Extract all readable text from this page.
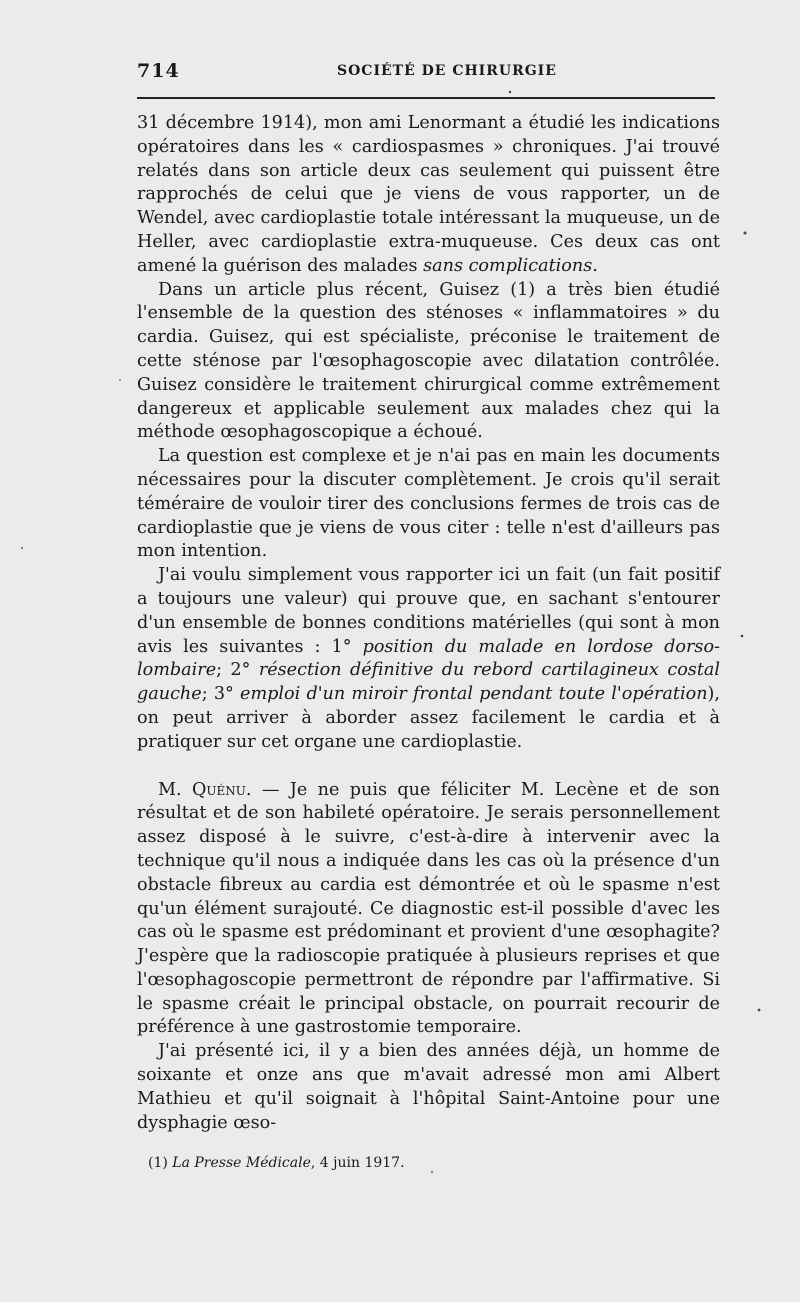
714	SOCIÉTÉ DE CHIRURGIE

31 décembre 1914), mon ami Lenormant a étudié les indications opératoires dans les « cardiospasmes » chroniques. J'ai trouvé relatés dans son article deux cas seulement qui puissent être rapprochés de celui que je viens de vous rapporter, un de Wendel, avec cardioplastie totale intéressant la muqueuse, un de Heller, avec cardioplastie extra-muqueuse. Ces deux cas ont amené la guérison des malades sans complications.

Dans un article plus récent, Guisez (1) a très bien étudié l'ensemble de la question des sténoses « inflammatoires » du cardia. Guisez, qui est spécialiste, préconise le traitement de cette sténose par l'œsophagoscopie avec dilatation contrôlée. Guisez considère le traitement chirurgical comme extrêmement dangereux et applicable seulement aux malades chez qui la méthode œsophagoscopique a échoué.

La question est complexe et je n'ai pas en main les documents nécessaires pour la discuter complètement. Je crois qu'il serait téméraire de vouloir tirer des conclusions fermes de trois cas de cardioplastie que je viens de vous citer : telle n'est d'ailleurs pas mon intention.

J'ai voulu simplement vous rapporter ici un fait (un fait positif a toujours une valeur) qui prouve que, en sachant s'entourer d'un ensemble de bonnes conditions matérielles (qui sont à mon avis les suivantes : 1° position du malade en lordose dorso-lombaire; 2° résection définitive du rebord cartilagineux costal gauche; 3° emploi d'un miroir frontal pendant toute l'opération), on peut arriver à aborder assez facilement le cardia et à pratiquer sur cet organe une cardioplastie.

M. Quénu. — Je ne puis que féliciter M. Lecène et de son résultat et de son habileté opératoire. Je serais personnellement assez disposé à le suivre, c'est-à-dire à intervenir avec la technique qu'il nous a indiquée dans les cas où la présence d'un obstacle fibreux au cardia est démontrée et où le spasme n'est qu'un élément surajouté. Ce diagnostic est-il possible d'avec les cas où le spasme est prédominant et provient d'une œsophagite? J'espère que la radioscopie pratiquée à plusieurs reprises et que l'œsophagoscopie permettront de répondre par l'affirmative. Si le spasme créait le principal obstacle, on pourrait recourir de préférence à une gastrostomie temporaire.

J'ai présenté ici, il y a bien des années déjà, un homme de soixante et onze ans que m'avait adressé mon ami Albert Mathieu et qu'il soignait à l'hôpital Saint-Antoine pour une dysphagie œso-

(1) La Presse Médicale, 4 juin 1917.
